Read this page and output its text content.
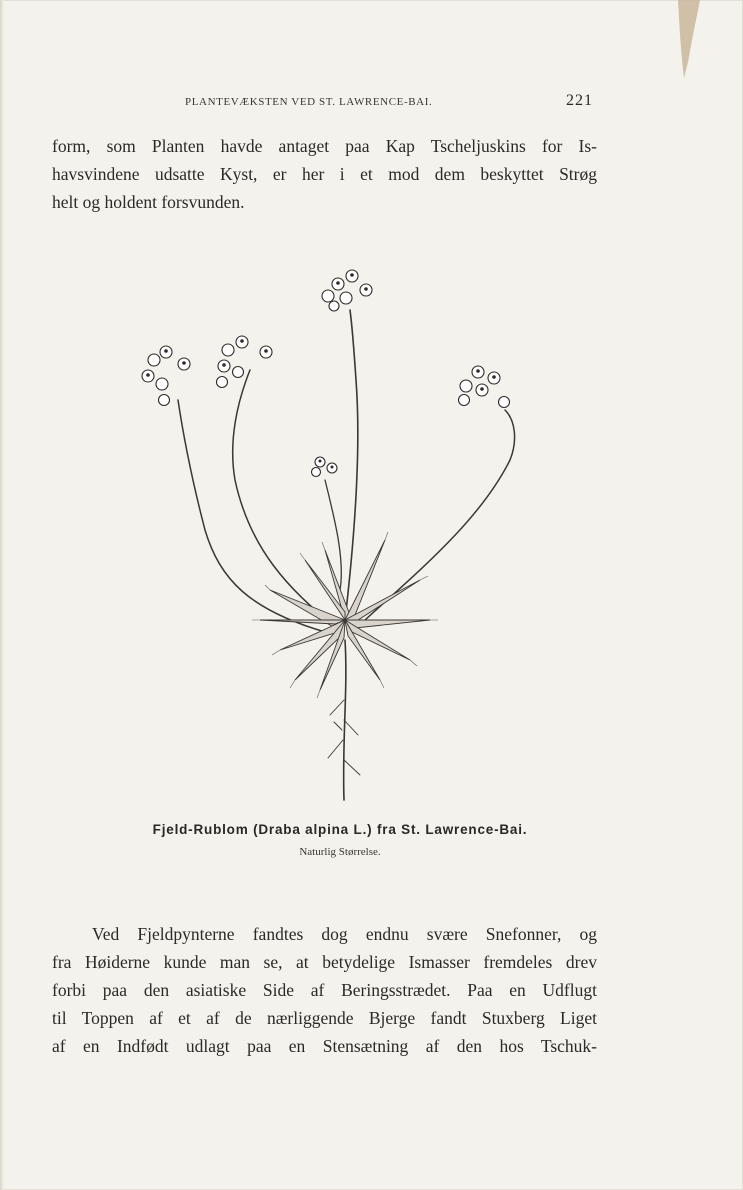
PLANTEVÆKSTEN VED ST. LAWRENCE-BAI.	221
form, som Planten havde antaget paa Kap Tscheljuskins for Is-
havsvindene udsatte Kyst, er her i et mod dem beskyttet Strøg
helt og holdent forsvunden.
Fjeld-Rublom (Draba alpina L.) fra St. Lawrence-Bai.
Naturlig Størrelse.
Ved Fjeldpynterne fandtes dog endnu svære Snefonner, og
fra Høiderne kunde man se, at betydelige Ismasser fremdeles drev
forbi paa den asiatiske Side af Beringsstrædet. Paa en Udflugt
til Toppen af et af de nærliggende Bjerge fandt Stuxberg Liget
af en Indfødt udlagt paa en Stensætning af den hos Tschuk-
